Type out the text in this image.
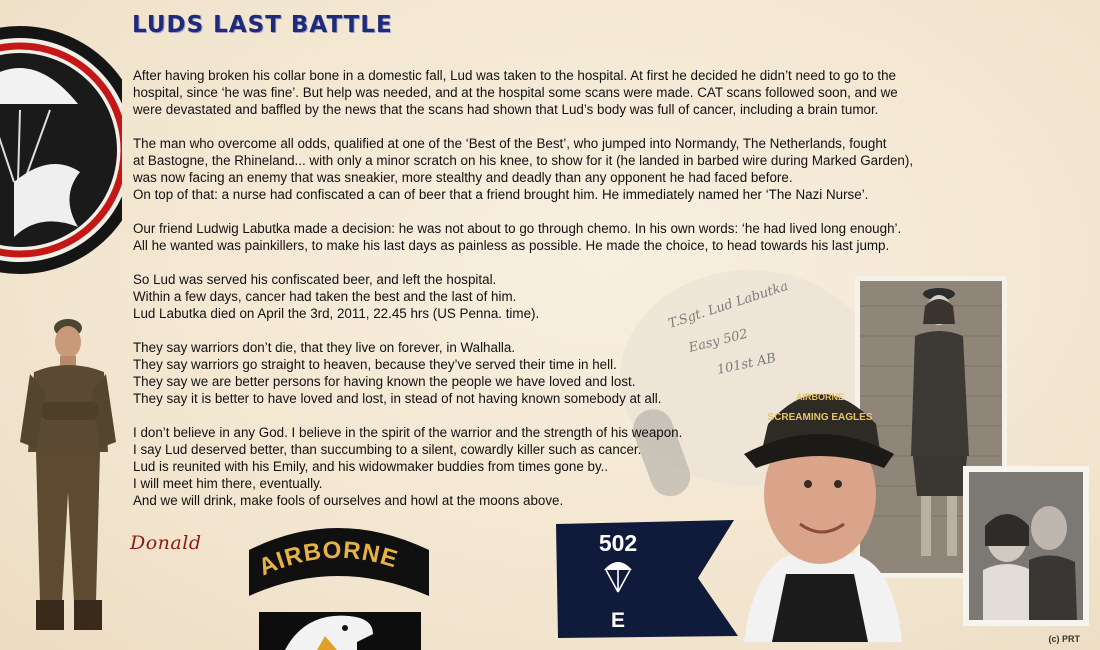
T.Sgt. Lud Labutka
Easy 502
101st AB
AIRBORNE
SCREAMING EAGLES
502
E
AIRBORNE
LUDS LAST BATTLE

After having broken his collar bone in a domestic fall, Lud was taken to the hospital. At first he decided he didn’t need to go to the
hospital, since ‘he was fine’. But help was needed, and at the hospital some scans were made. CAT scans followed soon, and we
were devastated and baffled by the news that the scans had shown that Lud’s body was full of cancer, including a brain tumor.

The man who overcome all odds, qualified at one of the ‘Best of the Best’, who jumped into Normandy, The Netherlands, fought
at Bastogne, the Rhineland... with only a minor scratch on his knee, to show for it (he landed in barbed wire during Marked Garden),
was now facing an enemy that was sneakier, more stealthy and deadly than any opponent he had faced before.
On top of that: a nurse had confiscated a can of beer that a friend brought him. He immediately named her ‘The Nazi Nurse’.

Our friend Ludwig Labutka made a decision: he was not about to go through chemo. In his own words: ‘he had lived long enough’.
All he wanted was painkillers, to make his last days as painless as possible. He made the choice, to head towards his last jump.

So Lud was served his confiscated beer, and left the hospital.
Within a few days, cancer had taken the best and the last of him.
Lud Labutka died on April the 3rd, 2011, 22.45 hrs (US Penna. time).

They say warriors don’t die, that they live on forever, in Walhalla.
They say warriors go straight to heaven, because they’ve served their time in hell.
They say we are better persons for having known the people we have loved and lost.
They say it is better to have loved and lost, in stead of not having known somebody at all.

I don’t believe in any God. I believe in the spirit of the warrior and the strength of his weapon.
I say Lud deserved better, than succumbing to a silent, cowardly killer such as cancer.
Lud is reunited with his Emily, and his widowmaker buddies from times gone by..
I will meet him there, eventually.
And we will drink, make fools of ourselves and howl at the moons above.

Donald
(c) PRT
